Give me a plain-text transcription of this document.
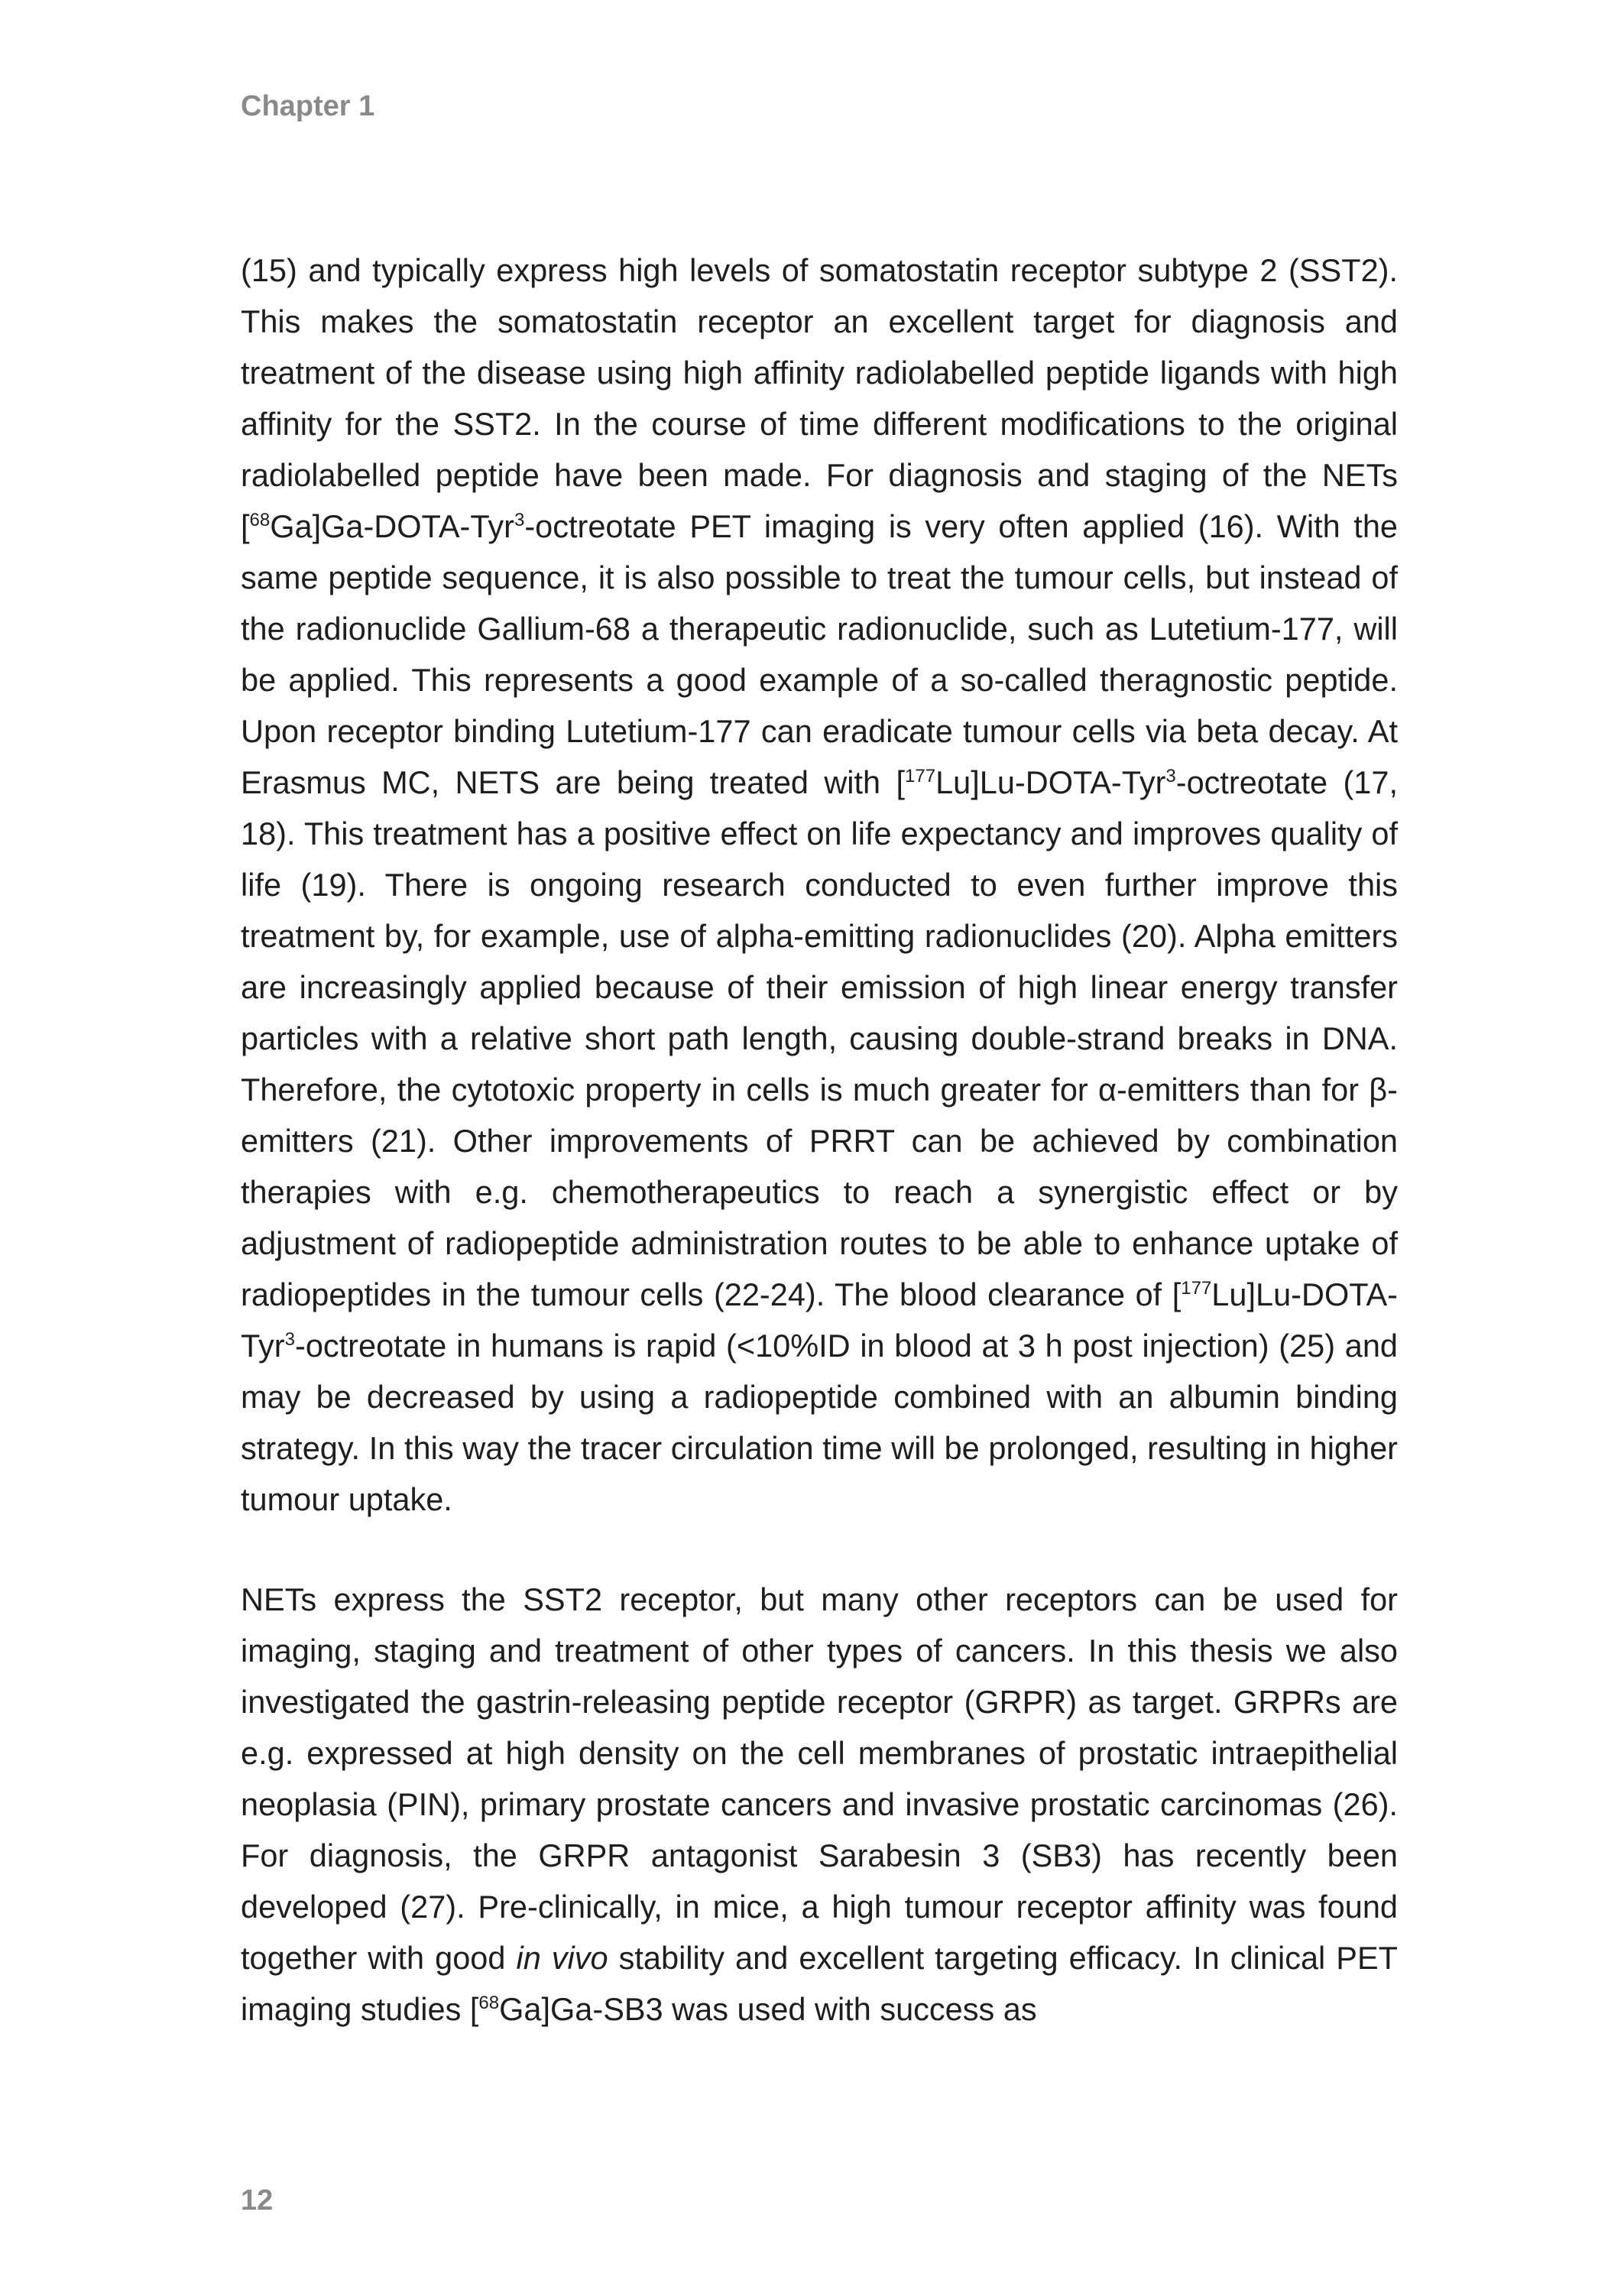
Chapter 1

(15) and typically express high levels of somatostatin receptor subtype 2 (SST2). This makes the somatostatin receptor an excellent target for diagnosis and treatment of the disease using high affinity radiolabelled peptide ligands with high affinity for the SST2. In the course of time different modifications to the original radiolabelled peptide have been made. For diagnosis and staging of the NETs [$^{68}$Ga]Ga-DOTA-Tyr$^3$-octreotate PET imaging is very often applied (16). With the same peptide sequence, it is also possible to treat the tumour cells, but instead of the radionuclide Gallium-68 a therapeutic radionuclide, such as Lutetium-177, will be applied. This represents a good example of a so-called theragnostic peptide. Upon receptor binding Lutetium-177 can eradicate tumour cells via beta decay. At Erasmus MC, NETS are being treated with [$^{177}$Lu]Lu-DOTA-Tyr$^3$-octreotate (17, 18). This treatment has a positive effect on life expectancy and improves quality of life (19). There is ongoing research conducted to even further improve this treatment by, for example, use of alpha-emitting radionuclides (20). Alpha emitters are increasingly applied because of their emission of high linear energy transfer particles with a relative short path length, causing double-strand breaks in DNA. Therefore, the cytotoxic property in cells is much greater for α-emitters than for β-emitters (21). Other improvements of PRRT can be achieved by combination therapies with e.g. chemotherapeutics to reach a synergistic effect or by adjustment of radiopeptide administration routes to be able to enhance uptake of radiopeptides in the tumour cells (22-24). The blood clearance of [$^{177}$Lu]Lu-DOTA-Tyr$^3$-octreotate in humans is rapid (<10%ID in blood at 3 h post injection) (25) and may be decreased by using a radiopeptide combined with an albumin binding strategy. In this way the tracer circulation time will be prolonged, resulting in higher tumour uptake.

NETs express the SST2 receptor, but many other receptors can be used for imaging, staging and treatment of other types of cancers. In this thesis we also investigated the gastrin-releasing peptide receptor (GRPR) as target. GRPRs are e.g. expressed at high density on the cell membranes of prostatic intraepithelial neoplasia (PIN), primary prostate cancers and invasive prostatic carcinomas (26). For diagnosis, the GRPR antagonist Sarabesin 3 (SB3) has recently been developed (27). Pre-clinically, in mice, a high tumour receptor affinity was found together with good in vivo stability and excellent targeting efficacy. In clinical PET imaging studies [$^{68}$Ga]Ga-SB3 was used with success as

12
